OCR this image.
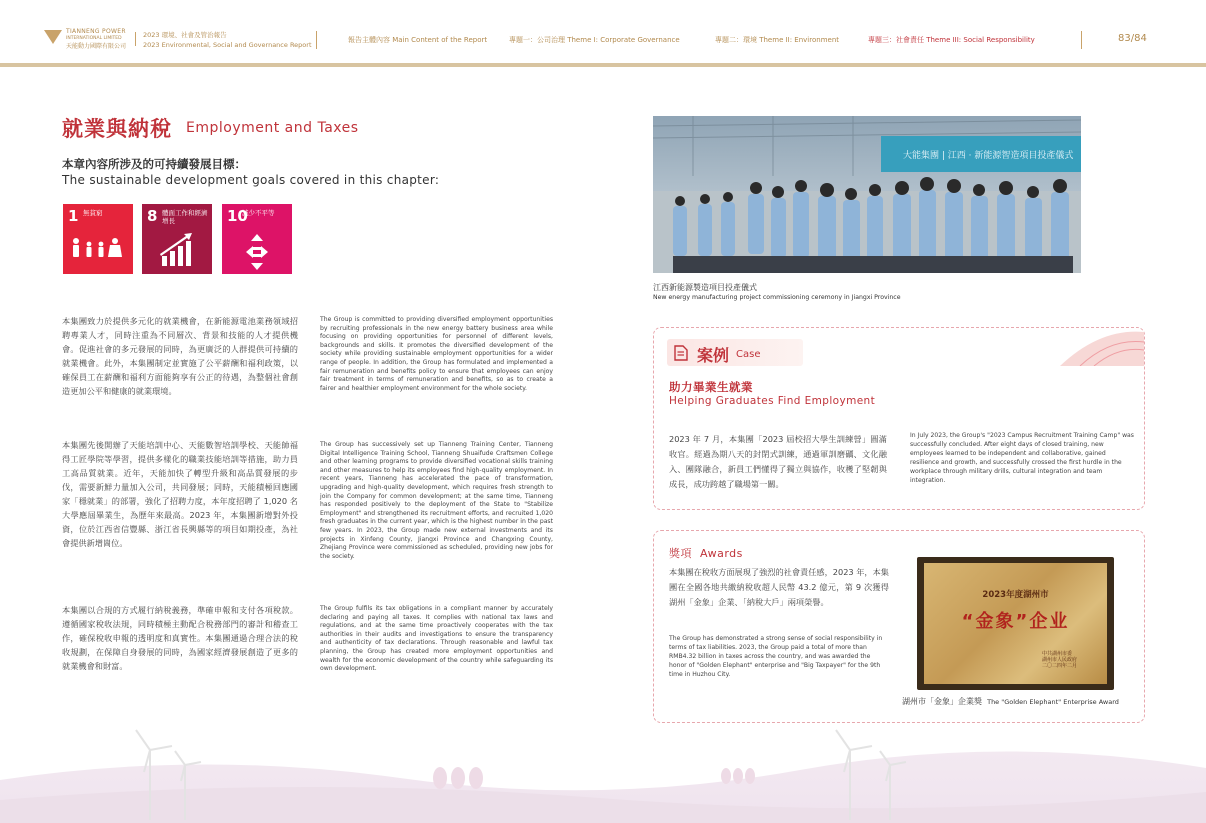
TIANNENG POWER
INTERNATIONAL LIMITED
天能動力國際有限公司
2023 環境、社會及管治報告
2023 Environmental, Social and Governance Report
報告主體內容 Main Content of the Report	專題一：公司治理 Theme I: Corporate Governance	專題二：環境 Theme II: Environment	專題三：社會責任 Theme III: Social Responsibility	83/84
就業與納稅 Employment and Taxes
本章內容所涉及的可持續發展目標：
The sustainable development goals covered in this chapter:
1 無貧窮	8 體面工作和經濟增長	10
減少不平等
本集團致力於提供多元化的就業機會，在新能源電池業務領域招聘專業人才，同時注重為不同層次、背景和技能的人才提供機會。促進社會的多元發展的同時，為更廣泛的人群提供可持續的就業機會。此外，本集團制定並實施了公平薪酬和福利政策，以確保員工在薪酬和福利方面能夠享有公正的待遇，為整個社會創造更加公平和健康的就業環境。
The Group is committed to providing diversified employment opportunities by recruiting professionals in the new energy battery business area while focusing on providing opportunities for personnel of different levels, backgrounds and skills. It promotes the diversified development of the society while providing sustainable employment opportunities for a wider range of people. In addition, the Group has formulated and implemented a fair remuneration and benefits policy to ensure that employees can enjoy fair treatment in terms of remuneration and benefits, so as to create a fairer and healthier employment environment for the whole society.
本集團先後開辦了天能培訓中心、天能數智培訓學校、天能帥福得工匠學院等學習，提供多樣化的職業技能培訓等措施，助力員工高品質就業。近年，天能加快了轉型升級和高品質發展的步伐，需要新鮮力量加入公司，共同發展；同時，天能積極回應國家「穩就業」的部署，強化了招聘力度，本年度招聘了 1,020 名大學應屆畢業生，為歷年來最高。2023 年，本集團新增對外投資，位於江西省信豐縣、浙江省長興縣等的項目如期投產，為社會提供新增崗位。
The Group has successively set up Tianneng Training Center, Tianneng Digital Intelligence Training School, Tianneng Shuaifude Craftsmen College and other learning programs to provide diversified vocational skills training and other measures to help its employees find high-quality employment. In recent years, Tianneng has accelerated the pace of transformation, upgrading and high-quality development, which requires fresh strength to join the Company for common development; at the same time, Tianneng has responded positively to the deployment of the State to "Stabilize Employment" and strengthened its recruitment efforts, and recruited 1,020 fresh graduates in the current year, which is the highest number in the past few years. In 2023, the Group made new external investments and its projects in Xinfeng County, Jiangxi Province and Changxing County, Zhejiang Province were commissioned as scheduled, providing new jobs for the society.
本集團以合規的方式履行納稅義務，準確申報和支付各項稅款。遵循國家稅收法規，同時積極主動配合稅務部門的審計和稽查工作，確保稅收申報的透明度和真實性。本集團通過合理合法的稅收規劃，在保障自身發展的同時，為國家經濟發展創造了更多的就業機會和財富。
The Group fulfils its tax obligations in a compliant manner by accurately declaring and paying all taxes. It complies with national tax laws and regulations, and at the same time proactively cooperates with the tax authorities in their audits and investigations to ensure the transparency and authenticity of tax declarations. Through reasonable and lawful tax planning, the Group has created more employment opportunities and wealth for the economic development of the country while safeguarding its own development.
大能集團 | 江西 · 新能源智造項目投產儀式
江西新能源製造項目投產儀式
New energy manufacturing project commissioning ceremony in Jiangxi Province
案例 Case
助力畢業生就業
Helping Graduates Find Employment
2023 年 7 月，本集團「2023 屆校招大學生訓練營」圓滿收官。經過為期八天的封閉式訓練，通過軍訓磨礪、文化融入、團隊融合，新員工們懂得了獨立與協作，收穫了堅韌與成長，成功跨越了職場第一關。
In July 2023, the Group's "2023 Campus Recruitment Training Camp" was successfully concluded. After eight days of closed training, new employees learned to be independent and collaborative, gained resilience and growth, and successfully crossed the first hurdle in the workplace through military drills, cultural integration and team integration.
獎項 Awards
本集團在稅收方面展現了強烈的社會責任感，2023 年，本集團在全國各地共繳納稅收超人民幣 43.2 億元，第 9 次獲得湖州「金象」企業、「納稅大戶」兩項榮譽。
The Group has demonstrated a strong sense of social responsibility in terms of tax liabilities. 2023, the Group paid a total of more than RMB4.32 billion in taxes across the country, and was awarded the honor of "Golden Elephant" enterprise and "Big Taxpayer" for the 9th time in Huzhou City.
2023年度湖州市
“金象”企业
中共湖州市委
湖州市人民政府
二〇二四年二月
湖州市「金象」企業獎 The "Golden Elephant" Enterprise Award
